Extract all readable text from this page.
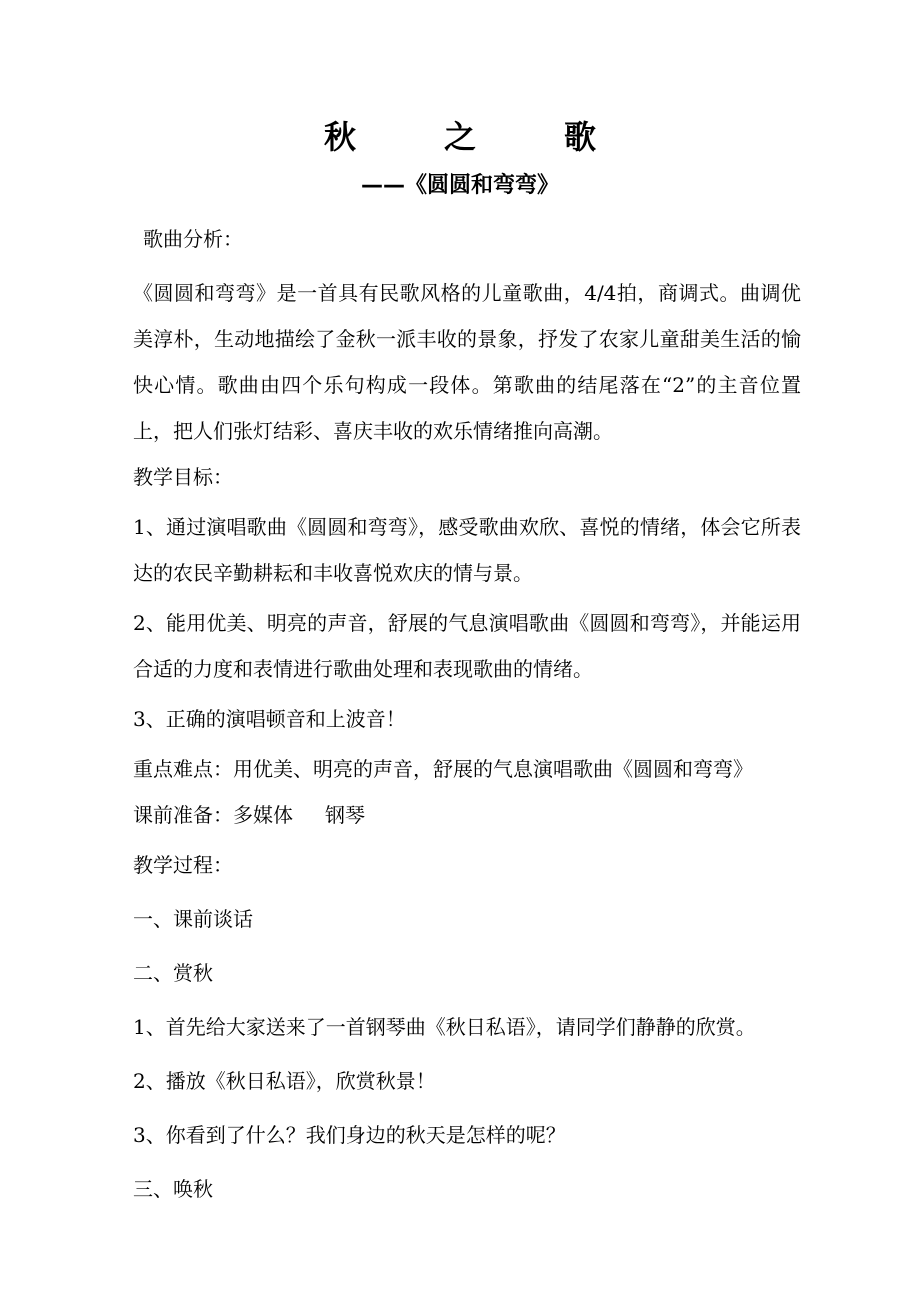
秋　之　歌
——《圆圆和弯弯》
歌曲分析：

《圆圆和弯弯》是一首具有民歌风格的儿童歌曲，4/4拍，商调式。曲调优美淳朴，生动地描绘了金秋一派丰收的景象，抒发了农家儿童甜美生活的愉快心情。歌曲由四个乐句构成一段体。第歌曲的结尾落在“2”的主音位置上，把人们张灯结彩、喜庆丰收的欢乐情绪推向高潮。

教学目标：

1、通过演唱歌曲《圆圆和弯弯》，感受歌曲欢欣、喜悦的情绪，体会它所表达的农民辛勤耕耘和丰收喜悦欢庆的情与景。

2、能用优美、明亮的声音，舒展的气息演唱歌曲《圆圆和弯弯》，并能运用合适的力度和表情进行歌曲处理和表现歌曲的情绪。

3、正确的演唱顿音和上波音！
重点难点：用优美、明亮的声音，舒展的气息演唱歌曲《圆圆和弯弯》
课前准备：多媒体 钢琴
教学过程：
一、课前谈话
二、赏秋
1、首先给大家送来了一首钢琴曲《秋日私语》，请同学们静静的欣赏。
2、播放《秋日私语》，欣赏秋景！
3、你看到了什么？我们身边的秋天是怎样的呢？
三、唤秋
